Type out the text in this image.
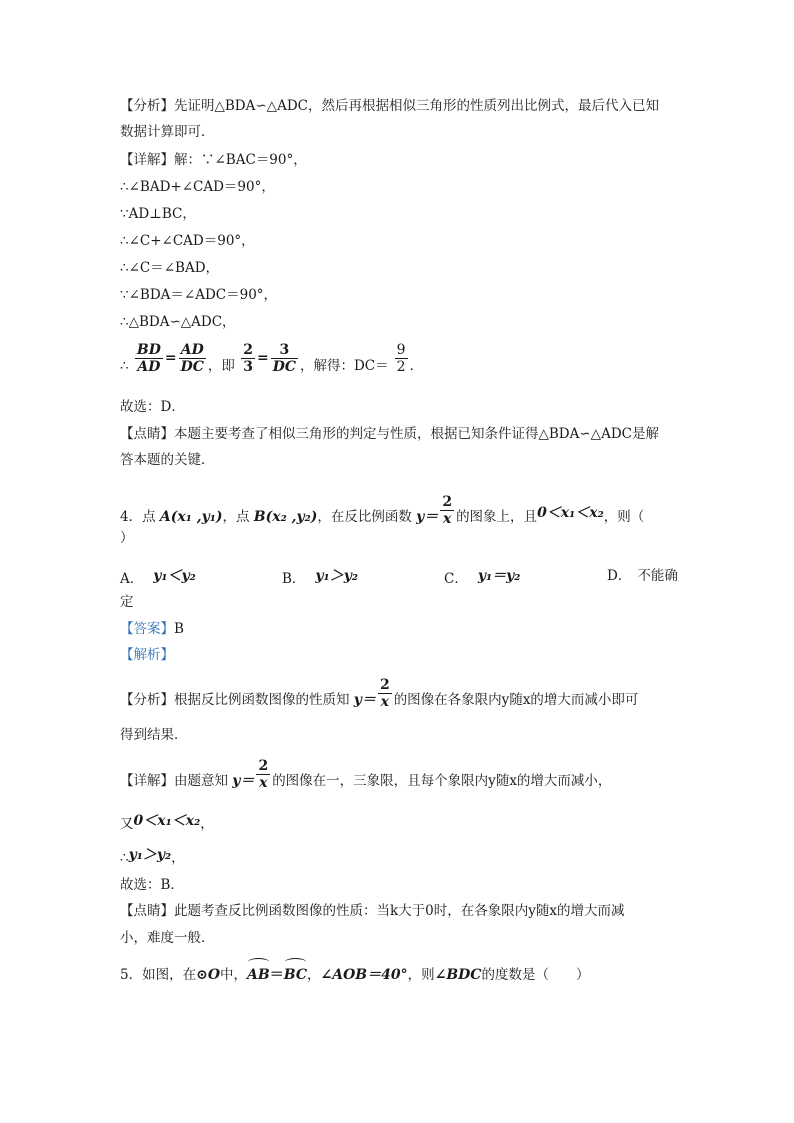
【分析】先证明△BDA∽△ADC，然后再根据相似三角形的性质列出比例式，最后代入已知
数据计算即可．
【详解】解：∵∠BAC＝90°，
∴∠BAD+∠CAD＝90°，
∵AD⊥BC，
∴∠C+∠CAD＝90°，
∴∠C＝∠BAD，
∵∠BDA＝∠ADC＝90°，
∴△BDA∽△ADC，
∴ $\frac{BD}{AD} = \frac{AD}{DC}$ ，即 $\frac{2}{3} = \frac{3}{DC}$ ，解得：$DC= \frac{9}{2}$ ．
故选：D．
【点睛】本题主要考查了相似三角形的判定与性质，根据已知条件证得△BDA∽△ADC是解
答本题的关键．
4．点 A(x₁ ,y₁)，点 B(x₂ ,y₂)，在反比例函数 $y= \frac{2}{x}$ 的图象上，且0＜x₁＜x₂，则（
）
A． y₁＜y₂	B． y₁＞y₂	C． y₁＝y₂	D． 不能确
定
【答案】B
【解析】
【分析】根据反比例函数图像的性质知 $y= \frac{2}{x}$ 的图像在各象限内y随x的增大而减小即可
得到结果．
【详解】由题意知 $y= \frac{2}{x}$ 的图像在一，三象限，且每个象限内y随x的增大而减小，
又0＜x₁＜x₂，
∴y₁＞y₂，
故选：B．
【点睛】此题考查反比例函数图像的性质：当k大于0时，在各象限内y随x的增大而减
小，难度一般．
5．如图，在⊙O中，AB＝BC，∠AOB＝40°，则∠BDC的度数是（　　）
